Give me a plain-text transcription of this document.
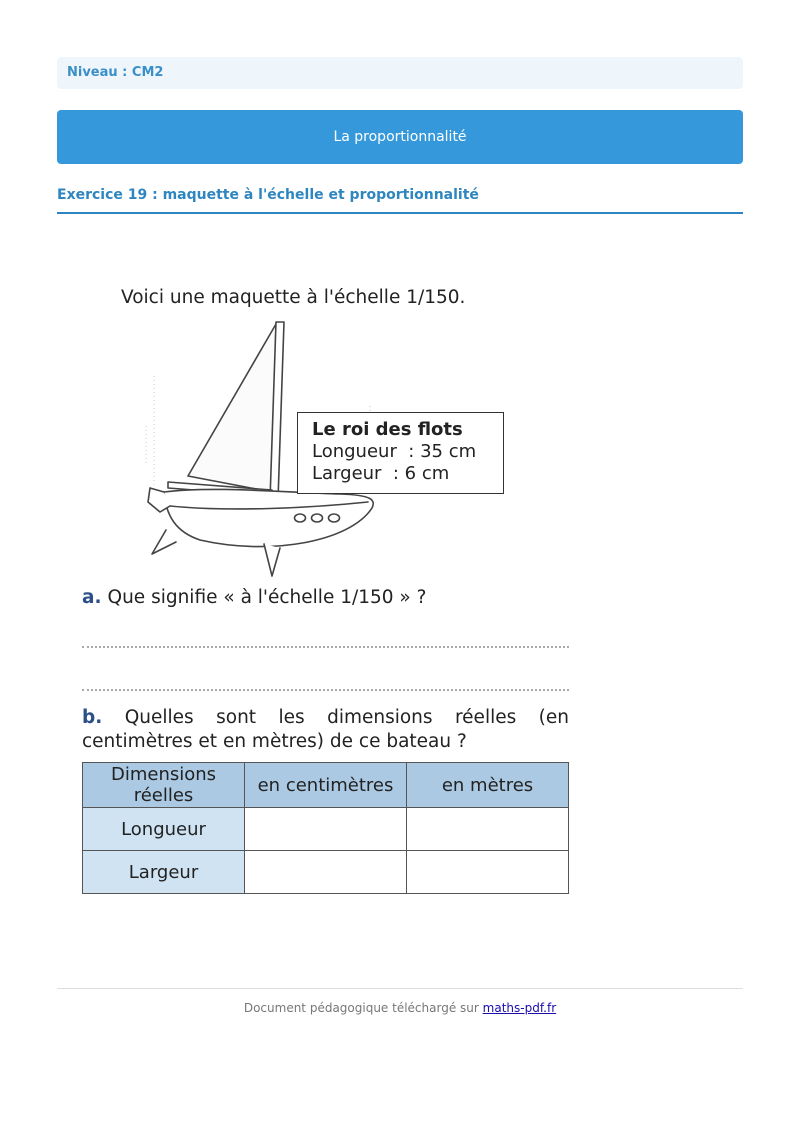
Niveau : CM2
La proportionnalité
Exercice 19 : maquette à l'échelle et proportionnalité
Voici une maquette à l'échelle 1/150.
Le roi des flots
Longueur  : 35 cm
Largeur  : 6 cm
a. Que signifie « à l'échelle 1/150 » ?
b. Quelles sont les dimensions réelles (en centimètres et en mètres) de ce bateau ?
Dimensions réelles	en centimètres	en mètres
Longueur		
Largeur		
Document pédagogique téléchargé sur maths-pdf.fr
